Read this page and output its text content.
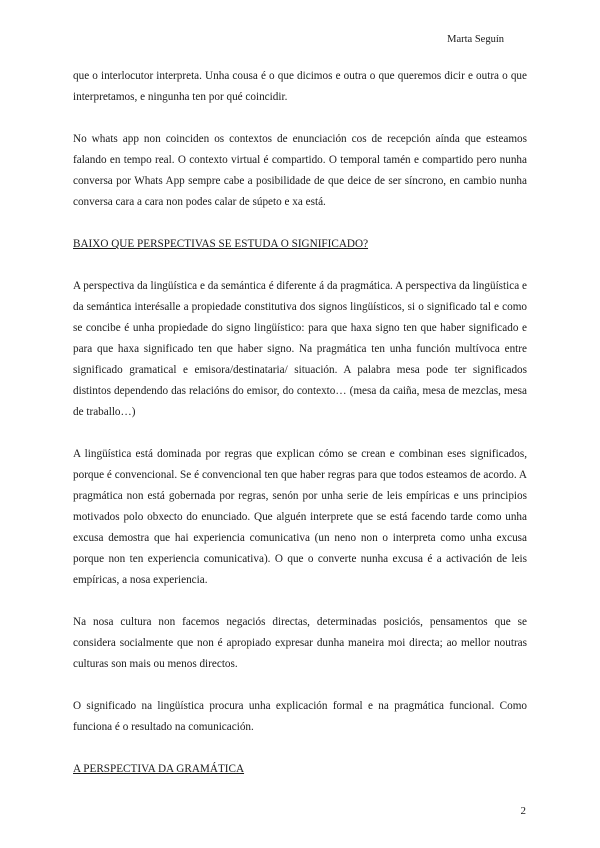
Marta Seguín

que o interlocutor interpreta. Unha cousa é o que dicimos e outra o que queremos dicir e outra o que interpretamos, e ningunha ten por qué coincidir.

No whats app non coinciden os contextos de enunciación cos de recepción aínda que esteamos falando en tempo real. O contexto virtual é compartido. O temporal tamén e compartido pero nunha conversa por Whats App sempre cabe a posibilidade de que deice de ser síncrono, en cambio nunha conversa cara a cara non podes calar de súpeto e xa está.

BAIXO QUE PERSPECTIVAS SE ESTUDA O SIGNIFICADO?

A perspectiva da lingüística e da semántica é diferente á da pragmática. A perspectiva da lingüística e da semántica interésalle a propiedade constitutiva dos signos lingüísticos, si o significado tal e como se concibe é unha propiedade do signo lingüístico: para que haxa signo ten que haber significado e para que haxa significado ten que haber signo. Na pragmática ten unha función multívoca entre significado gramatical e emisora/destinataria/ situación. A palabra mesa pode ter significados distintos dependendo das relacións do emisor, do contexto… (mesa da caiña, mesa de mezclas, mesa de traballo…)

A lingüística está dominada por regras que explican cómo se crean e combinan eses significados, porque é convencional. Se é convencional ten que haber regras para que todos esteamos de acordo. A pragmática non está gobernada por regras, senón por unha serie de leis empíricas e uns principios motivados polo obxecto do enunciado. Que alguén interprete que se está facendo tarde como unha excusa demostra que hai experiencia comunicativa (un neno non o interpreta como unha excusa porque non ten experiencia comunicativa). O que o converte nunha excusa é a activación de leis empíricas, a nosa experiencia.

Na nosa cultura non facemos negaciós directas, determinadas posiciós, pensamentos que se considera socialmente que non é apropiado expresar dunha maneira moi directa; ao mellor noutras culturas son mais ou menos directos.

O significado na lingüística procura unha explicación formal e na pragmática funcional. Como funciona é o resultado na comunicación.

A PERSPECTIVA DA GRAMÁTICA

2
